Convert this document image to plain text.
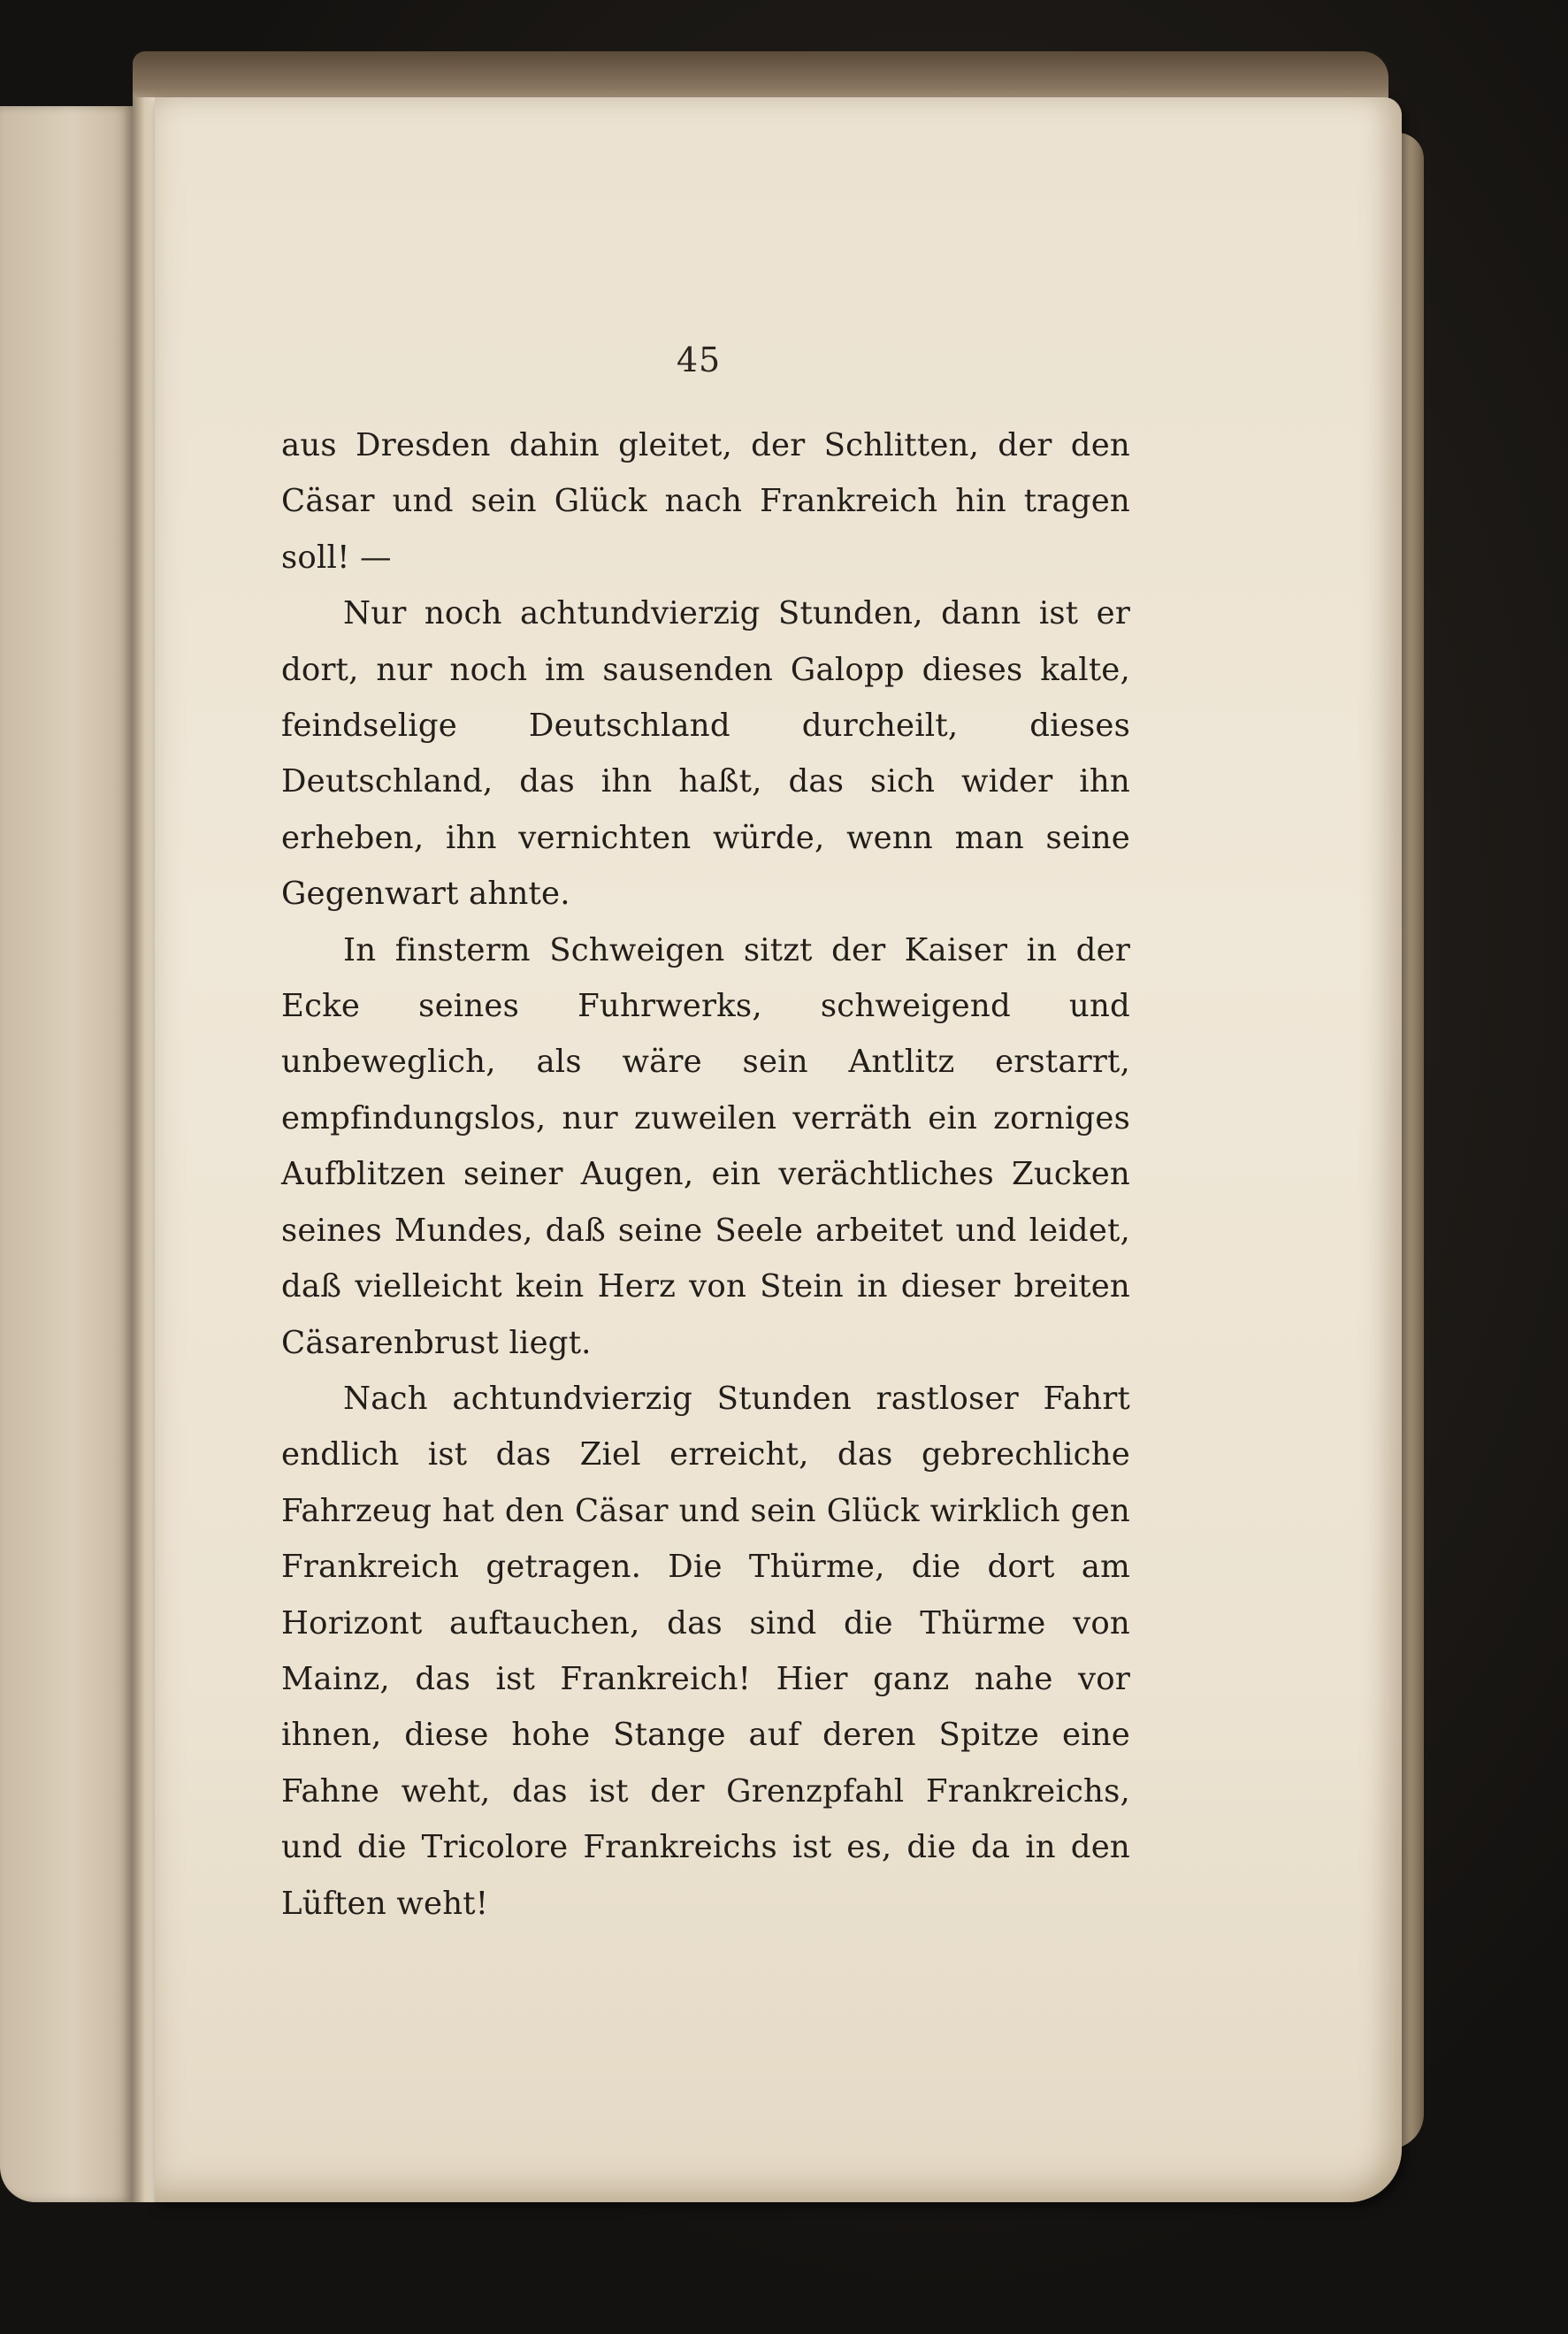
45

aus Dresden dahin gleitet, der Schlitten, der den Cäsar und sein Glück nach Frankreich hin tragen soll! —

Nur noch achtundvierzig Stunden, dann ist er dort, nur noch im sausenden Galopp dieses kalte, feindselige Deutschland durcheilt, dieses Deutschland, das ihn haßt, das sich wider ihn erheben, ihn vernichten würde, wenn man seine Gegenwart ahnte.

In finsterm Schweigen sitzt der Kaiser in der Ecke seines Fuhrwerks, schweigend und unbeweglich, als wäre sein Antlitz erstarrt, empfindungslos, nur zuweilen verräth ein zorniges Aufblitzen seiner Augen, ein verächtliches Zucken seines Mundes, daß seine Seele arbeitet und leidet, daß vielleicht kein Herz von Stein in dieser breiten Cäsarenbrust liegt.

Nach achtundvierzig Stunden rastloser Fahrt endlich ist das Ziel erreicht, das gebrechliche Fahrzeug hat den Cäsar und sein Glück wirklich gen Frankreich getragen. Die Thürme, die dort am Horizont auftauchen, das sind die Thürme von Mainz, das ist Frankreich! Hier ganz nahe vor ihnen, diese hohe Stange auf deren Spitze eine Fahne weht, das ist der Grenzpfahl Frankreichs, und die Tricolore Frankreichs ist es, die da in den Lüften weht!
